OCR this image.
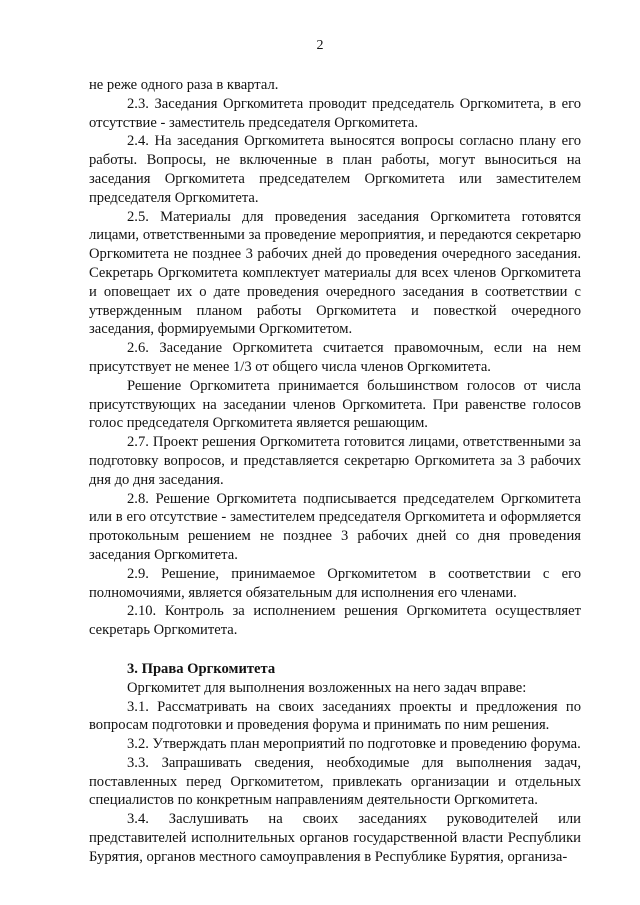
2

не реже одного раза в квартал.

2.3. Заседания Оргкомитета проводит председатель Оргкомитета, в его отсутствие - заместитель председателя Оргкомитета.

2.4. На заседания Оргкомитета выносятся вопросы согласно плану его работы. Вопросы, не включенные в план работы, могут выноситься на заседания Оргкомитета председателем Оргкомитета или заместителем председателя Оргкомитета.

2.5. Материалы для проведения заседания Оргкомитета готовятся лицами, ответственными за проведение мероприятия, и передаются секретарю Оргкомитета не позднее 3 рабочих дней до проведения очередного заседания. Секретарь Оргкомитета комплектует материалы для всех членов Оргкомитета и оповещает их о дате проведения очередного заседания в соответствии с утвержденным планом работы Оргкомитета и повесткой очередного заседания, формируемыми Оргкомитетом.

2.6. Заседание Оргкомитета считается правомочным, если на нем присутствует не менее 1/3 от общего числа членов Оргкомитета.

Решение Оргкомитета принимается большинством голосов от числа присутствующих на заседании членов Оргкомитета. При равенстве голосов голос председателя Оргкомитета является решающим.

2.7. Проект решения Оргкомитета готовится лицами, ответственными за подготовку вопросов, и представляется секретарю Оргкомитета за 3 рабочих дня до дня заседания.

2.8. Решение Оргкомитета подписывается председателем Оргкомитета или в его отсутствие - заместителем председателя Оргкомитета и оформляется протокольным решением не позднее 3 рабочих дней со дня проведения заседания Оргкомитета.

2.9. Решение, принимаемое Оргкомитетом в соответствии с его полномочиями, является обязательным для исполнения его членами.

2.10. Контроль за исполнением решения Оргкомитета осуществляет секретарь Оргкомитета.

3. Права Оргкомитета

Оргкомитет для выполнения возложенных на него задач вправе:

3.1. Рассматривать на своих заседаниях проекты и предложения по вопросам подготовки и проведения форума и принимать по ним решения.

3.2. Утверждать план мероприятий по подготовке и проведению форума.

3.3. Запрашивать сведения, необходимые для выполнения задач, поставленных перед Оргкомитетом, привлекать организации и отдельных специалистов по конкретным направлениям деятельности Оргкомитета.

3.4. Заслушивать на своих заседаниях руководителей или представителей исполнительных органов государственной власти Республики Бурятия, органов местного самоуправления в Республике Бурятия, организа-
